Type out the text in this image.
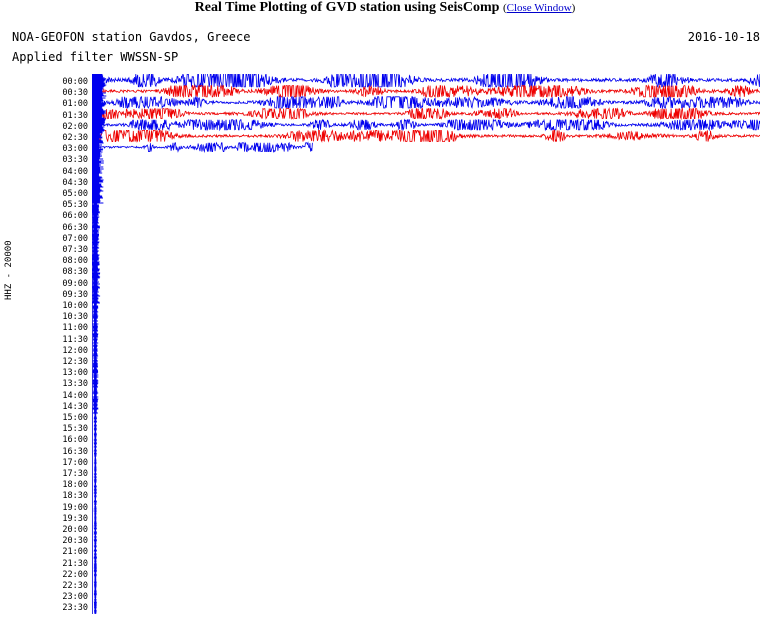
Real Time Plotting of GVD station using SeisComp (Close Window)
NOA-GEOFON station Gavdos, Greece	2016-10-18
Applied filter WWSSN-SP
HHZ - 20000
00:00
00:30
01:00
01:30
02:00
02:30
03:00
03:30
04:00
04:30
05:00
05:30
06:00
06:30
07:00
07:30
08:00
08:30
09:00
09:30
10:00
10:30
11:00
11:30
12:00
12:30
13:00
13:30
14:00
14:30
15:00
15:30
16:00
16:30
17:00
17:30
18:00
18:30
19:00
19:30
20:00
20:30
21:00
21:30
22:00
22:30
23:00
23:30
